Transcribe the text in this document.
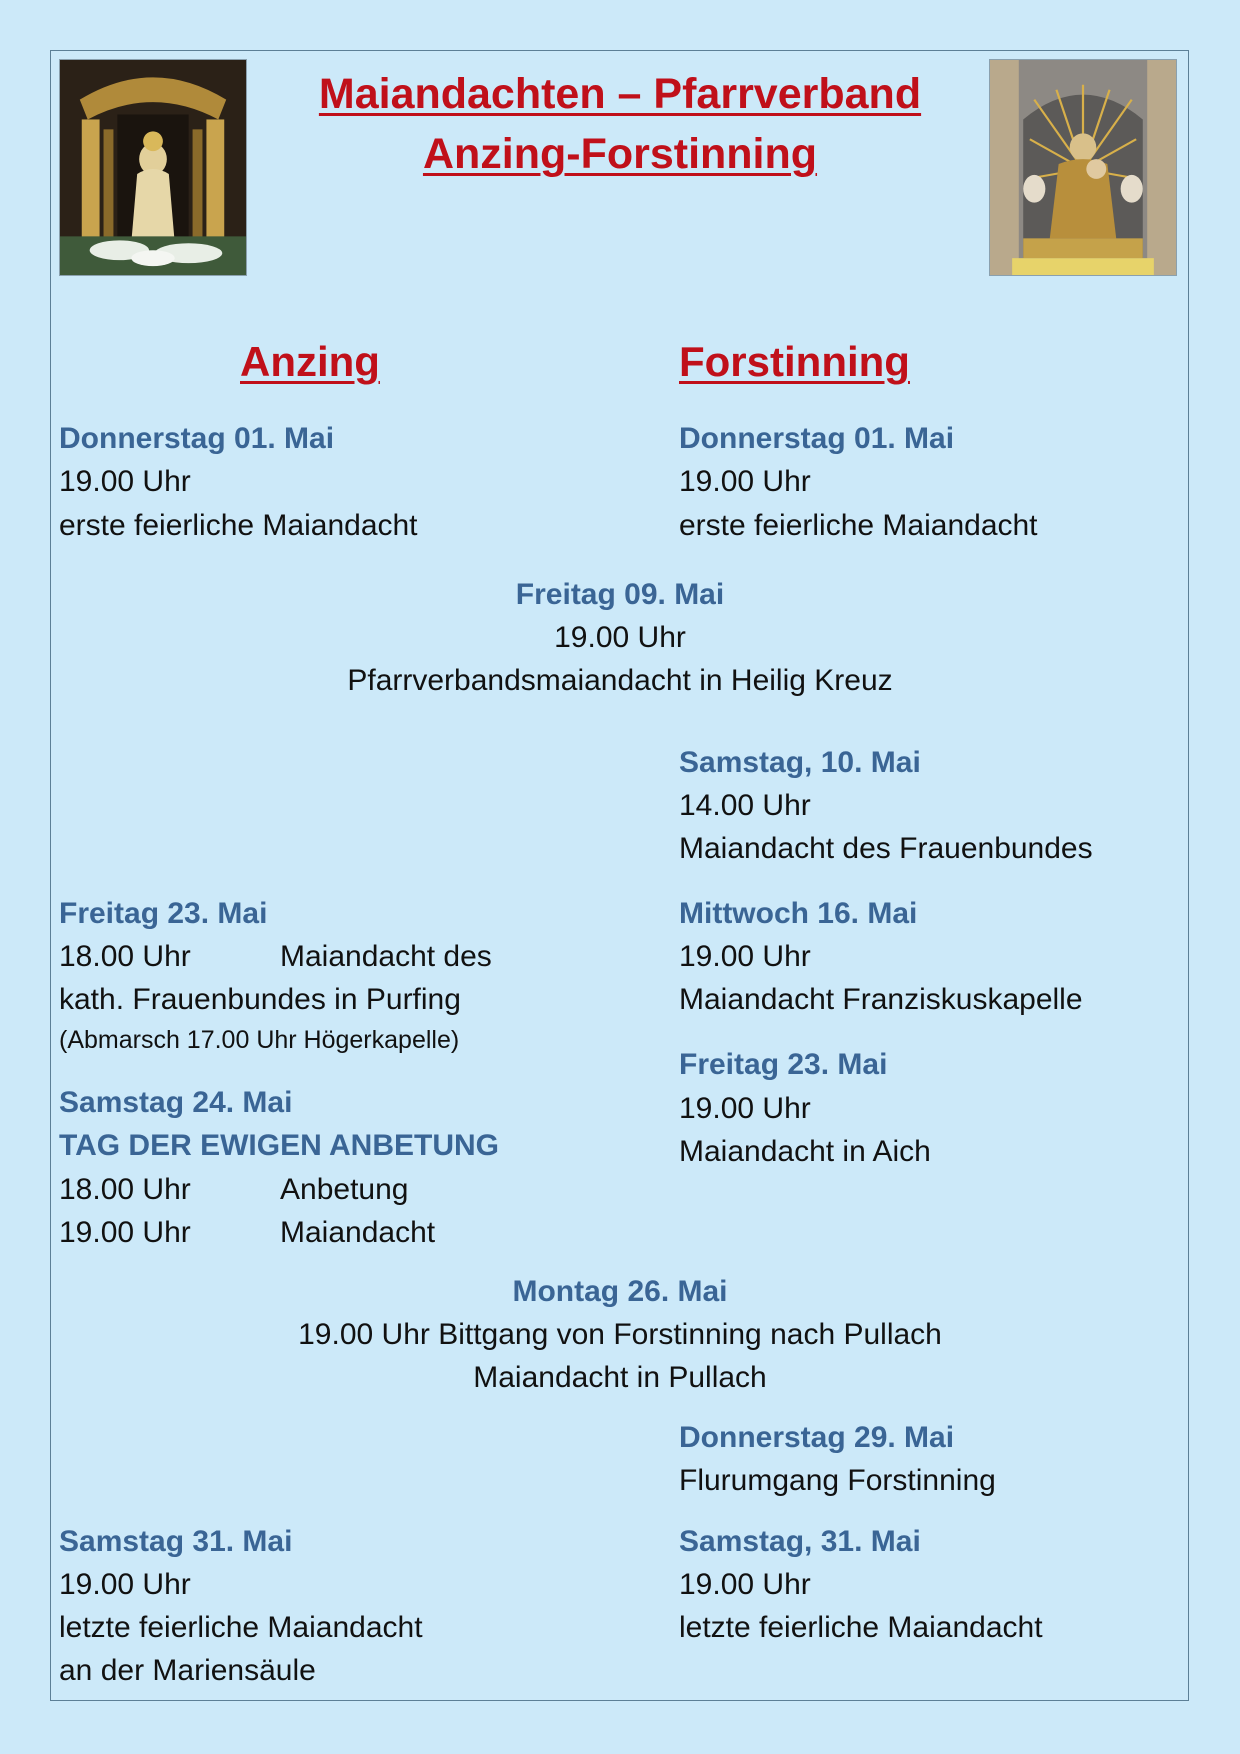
Maiandachten – Pfarrverband
Anzing-Forstinning
Anzing	Forstinning
Donnerstag 01. Mai
19.00 Uhr
erste feierliche Maiandacht
Donnerstag 01. Mai
19.00 Uhr
erste feierliche Maiandacht
Freitag 09. Mai
19.00 Uhr
Pfarrverbandsmaiandacht in Heilig Kreuz
Samstag, 10. Mai
14.00 Uhr
Maiandacht des Frauenbundes
Freitag 23. Mai
18.00 Uhr	Maiandacht des
kath. Frauenbundes in Purfing
(Abmarsch 17.00 Uhr Högerkapelle)
Mittwoch 16. Mai
19.00 Uhr
Maiandacht Franziskuskapelle
Freitag 23. Mai
19.00 Uhr
Maiandacht in Aich
Samstag 24. Mai
TAG DER EWIGEN ANBETUNG
18.00 Uhr	Anbetung
19.00 Uhr	Maiandacht
Montag 26. Mai
19.00 Uhr Bittgang von Forstinning nach Pullach
Maiandacht in Pullach
Donnerstag 29. Mai
Flurumgang Forstinning
Samstag 31. Mai
19.00 Uhr
letzte feierliche Maiandacht
an der Mariensäule
Samstag, 31. Mai
19.00 Uhr
letzte feierliche Maiandacht
